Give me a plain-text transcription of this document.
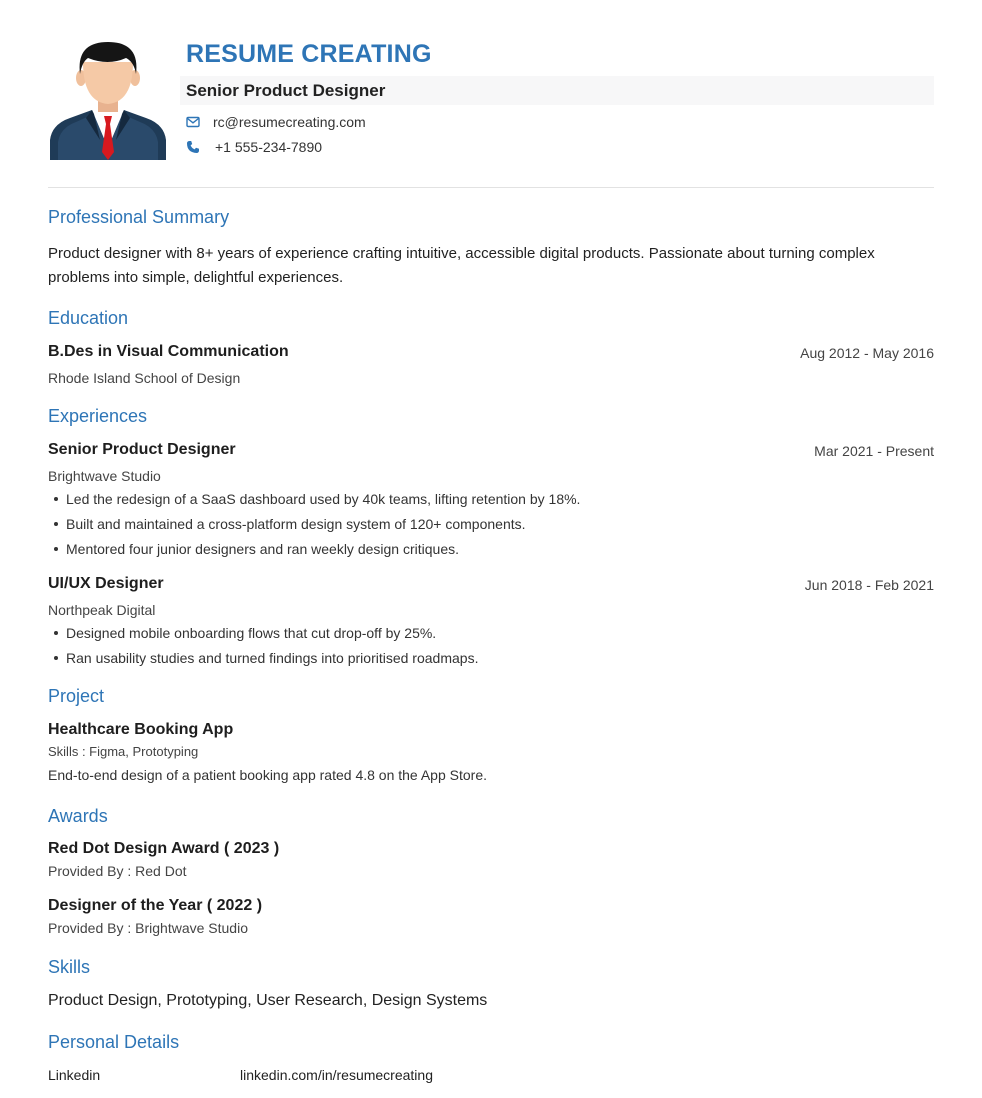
RESUME CREATING
Senior Product Designer
rc@resumecreating.com
+1 555-234-7890
Professional Summary
Product designer with 8+ years of experience crafting intuitive, accessible digital products. Passionate about turning complex problems into simple, delightful experiences.
Education
B.Des in Visual Communication	Aug 2012 - May 2016
Rhode Island School of Design
Experiences
Senior Product Designer	Mar 2021 - Present
Brightwave Studio
Led the redesign of a SaaS dashboard used by 40k teams, lifting retention by 18%.
Built and maintained a cross-platform design system of 120+ components.
Mentored four junior designers and ran weekly design critiques.
UI/UX Designer	Jun 2018 - Feb 2021
Northpeak Digital
Designed mobile onboarding flows that cut drop-off by 25%.
Ran usability studies and turned findings into prioritised roadmaps.
Project
Healthcare Booking App
Skills : Figma, Prototyping
End-to-end design of a patient booking app rated 4.8 on the App Store.
Awards
Red Dot Design Award ( 2023 )
Provided By : Red Dot
Designer of the Year ( 2022 )
Provided By : Brightwave Studio
Skills
Product Design, Prototyping, User Research, Design Systems
Personal Details
Linkedin	linkedin.com/in/resumecreating
